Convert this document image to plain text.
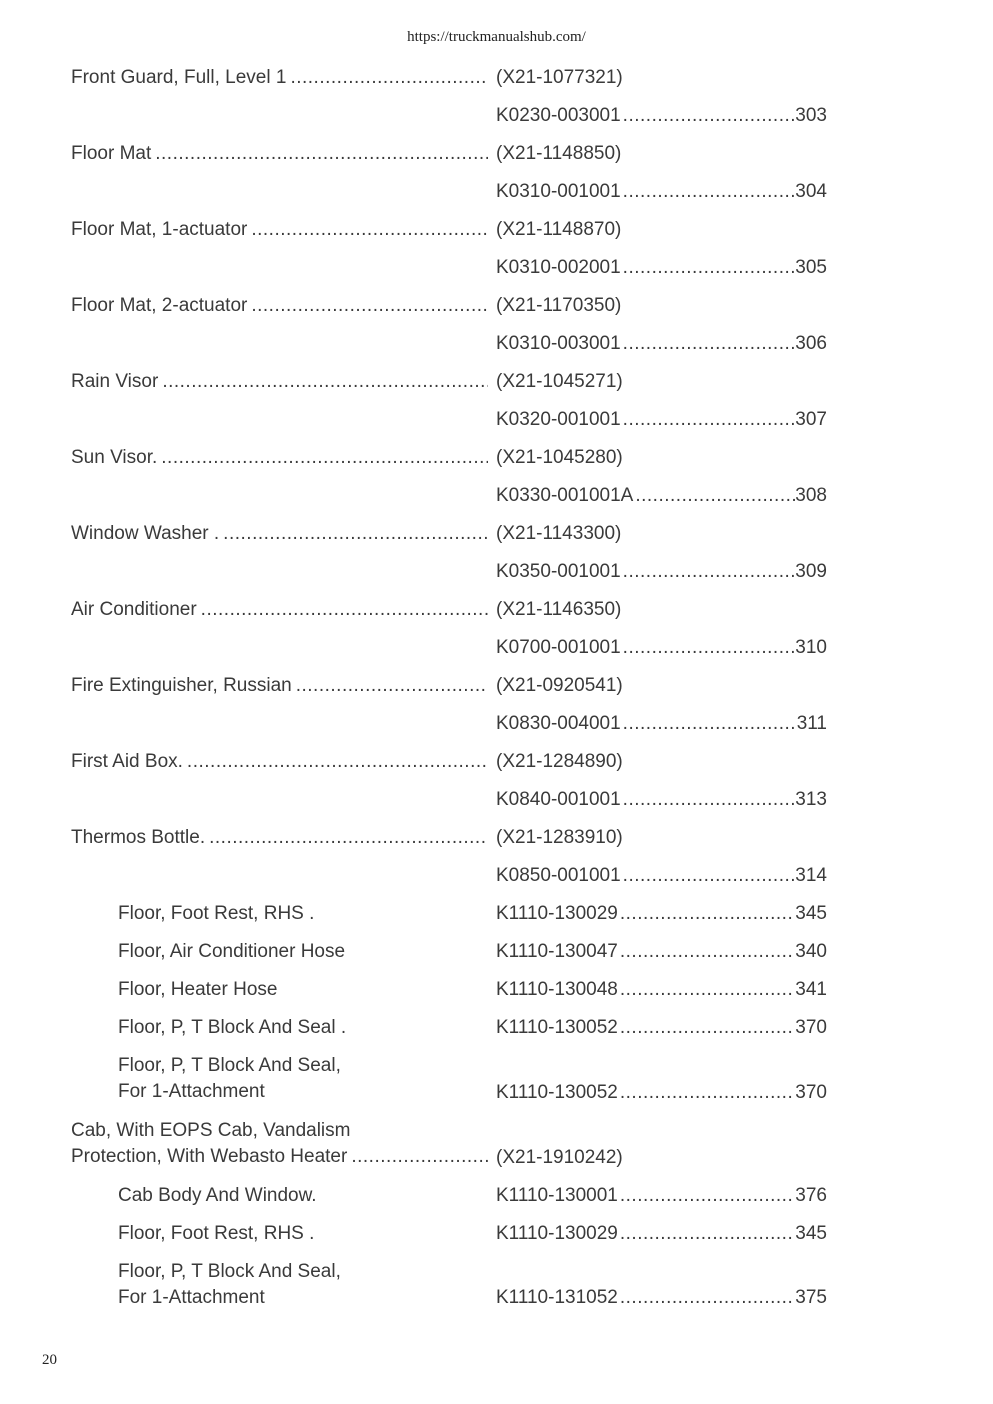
https://truckmanualshub.com/
Front Guard, Full, Level 1 .....	(X21-1077321)
K0230-003001 .....	303
Floor Mat .....	(X21-1148850)
K0310-001001 .....	304
Floor Mat, 1-actuator .....	(X21-1148870)
K0310-002001 .....	305
Floor Mat, 2-actuator .....	(X21-1170350)
K0310-003001 .....	306
Rain Visor .....	(X21-1045271)
K0320-001001 .....	307
Sun Visor. .....	(X21-1045280)
K0330-001001A .....	308
Window Washer . .....	(X21-1143300)
K0350-001001 .....	309
Air Conditioner .....	(X21-1146350)
K0700-001001 .....	310
Fire Extinguisher, Russian .....	(X21-0920541)
K0830-004001 .....	311
First Aid Box. .....	(X21-1284890)
K0840-001001 .....	313
Thermos Bottle. .....	(X21-1283910)
K0850-001001 .....	314
Floor, Foot Rest, RHS .	K1110-130029 .....	345
Floor, Air Conditioner Hose	K1110-130047 .....	340
Floor, Heater Hose	K1110-130048 .....	341
Floor, P, T Block And Seal .	K1110-130052 .....	370
Floor, P, T Block And Seal,
For 1-Attachment	K1110-130052 .....	370
Cab, With EOPS Cab, Vandalism
Protection, With Webasto Heater .....	(X21-1910242)
Cab Body And Window.	K1110-130001 .....	376
Floor, Foot Rest, RHS .	K1110-130029 .....	345
Floor, P, T Block And Seal,
For 1-Attachment	K1110-131052 .....	375
20
